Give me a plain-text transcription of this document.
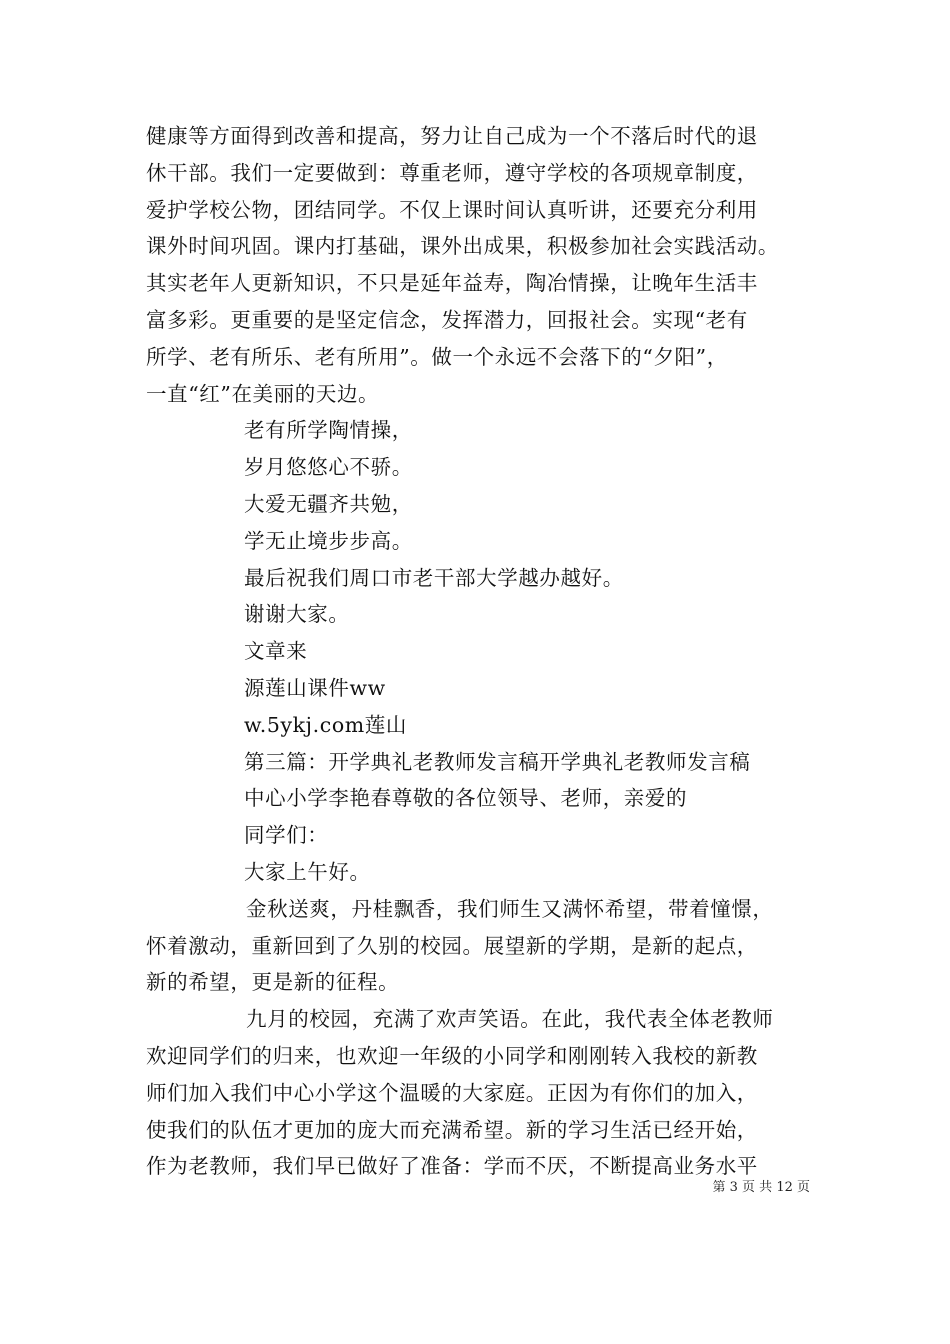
健康等方面得到改善和提高，努力让自己成为一个不落后时代的退
休干部。我们一定要做到：尊重老师，遵守学校的各项规章制度，
爱护学校公物，团结同学。不仅上课时间认真听讲，还要充分利用
课外时间巩固。课内打基础，课外出成果，积极参加社会实践活动。
其实老年人更新知识，不只是延年益寿，陶冶情操，让晚年生活丰
富多彩。更重要的是坚定信念，发挥潜力，回报社会。实现“老有
所学、老有所乐、老有所用”。做一个永远不会落下的“夕阳”，
一直“红”在美丽的天边。
老有所学陶情操，
岁月悠悠心不骄。
大爱无疆齐共勉，
学无止境步步高。
最后祝我们周口市老干部大学越办越好。
谢谢大家。
文章来
源莲山课件ww
w.5ykj.com莲山
第三篇：开学典礼老教师发言稿开学典礼老教师发言稿
中心小学李艳春尊敬的各位领导、老师，亲爱的
同学们：
大家上午好。
金秋送爽，丹桂飘香，我们师生又满怀希望，带着憧憬，
怀着激动，重新回到了久别的校园。展望新的学期，是新的起点，
新的希望，更是新的征程。
九月的校园，充满了欢声笑语。在此，我代表全体老教师
欢迎同学们的归来，也欢迎一年级的小同学和刚刚转入我校的新教
师们加入我们中心小学这个温暖的大家庭。正因为有你们的加入，
使我们的队伍才更加的庞大而充满希望。新的学习生活已经开始，
作为老教师，我们早已做好了准备：学而不厌，不断提高业务水平
第 3 页 共 12 页
